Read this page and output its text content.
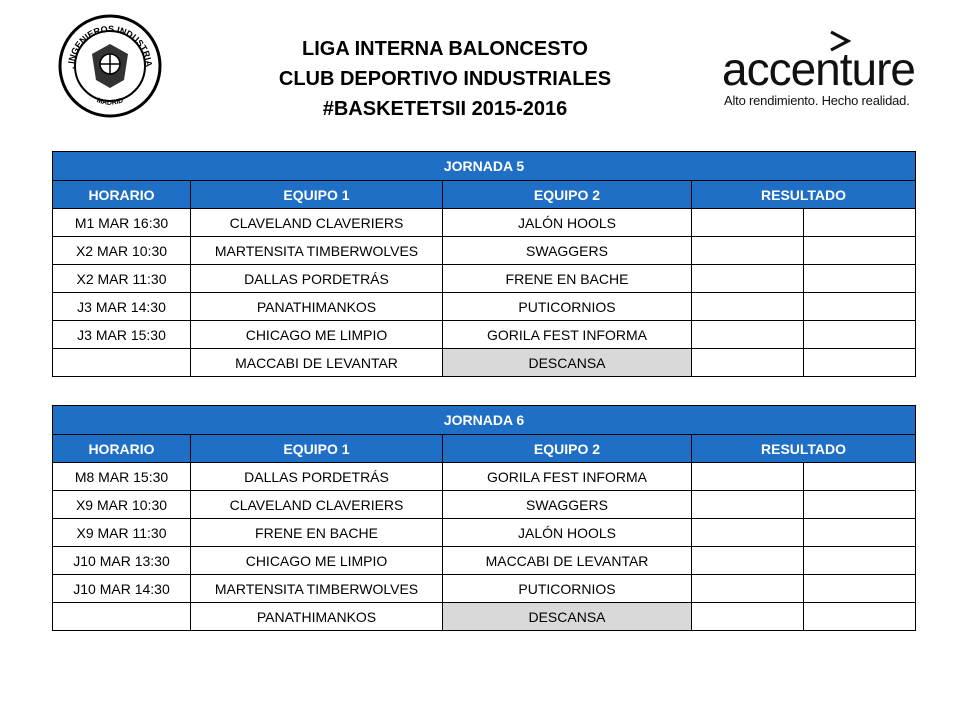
. INGENIEROS INDUSTRIA
MADRID
LIGA INTERNA BALONCESTO
CLUB DEPORTIVO INDUSTRIALES
#BASKETETSII 2015-2016
accenture
Alto rendimiento. Hecho realidad.
JORNADA 5				
HORARIO	EQUIPO 1	EQUIPO 2	RESULTADO	
M1 MAR 16:30	CLAVELAND CLAVERIERS	JALÓN HOOLS		
X2 MAR 10:30	MARTENSITA TIMBERWOLVES	SWAGGERS		
X2 MAR 11:30	DALLAS PORDETRÁS	FRENE EN BACHE		
J3 MAR 14:30	PANATHIMANKOS	PUTICORNIOS		
J3 MAR 15:30	CHICAGO ME LIMPIO	GORILA FEST INFORMA		
	MACCABI DE LEVANTAR	DESCANSA		
JORNADA 6				
HORARIO	EQUIPO 1	EQUIPO 2	RESULTADO	
M8 MAR 15:30	DALLAS PORDETRÁS	GORILA FEST INFORMA		
X9 MAR 10:30	CLAVELAND CLAVERIERS	SWAGGERS		
X9 MAR 11:30	FRENE EN BACHE	JALÓN HOOLS		
J10 MAR 13:30	CHICAGO ME LIMPIO	MACCABI DE LEVANTAR		
J10 MAR 14:30	MARTENSITA TIMBERWOLVES	PUTICORNIOS		
	PANATHIMANKOS	DESCANSA		
